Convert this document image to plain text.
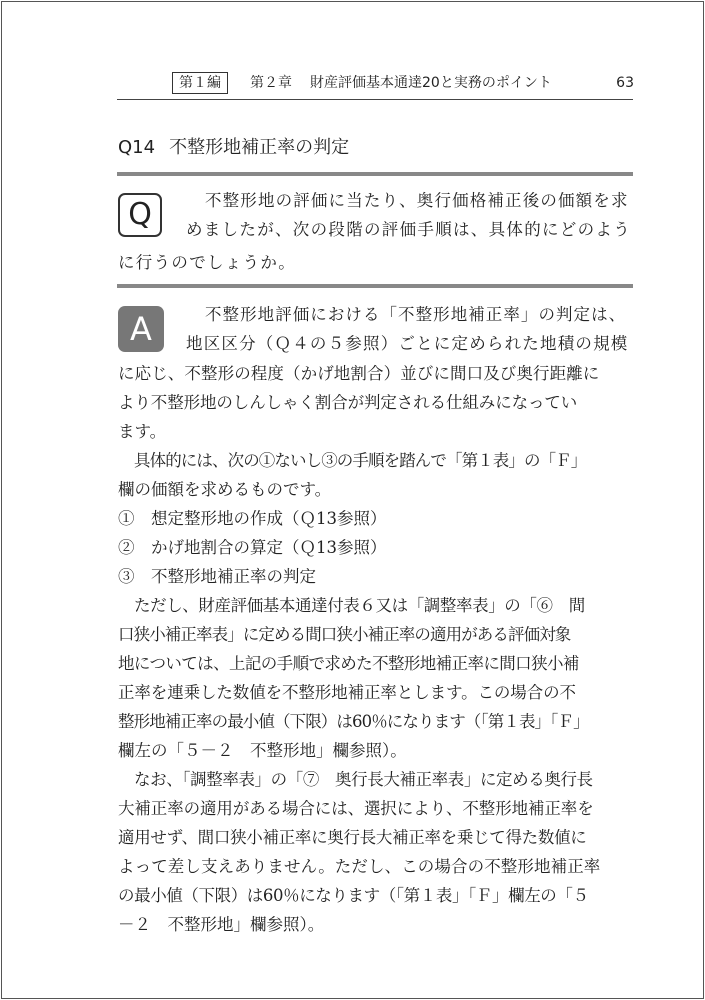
第１編	第２章 財産評価基本通達20と実務のポイント	63
Q14 不整形地補正率の判定
Q	不整形地の評価に当たり、奥行価格補正後の価額を求
めましたが、次の段階の評価手順は、具体的にどのよう
に行うのでしょうか。
A	不整形地評価における「不整形地補正率」の判定は、
地区区分（Ｑ４の５参照）ごとに定められた地積の規模
に応じ、不整形の程度（かげ地割合）並びに間口及び奥行距離に
より不整形地のしんしゃく割合が判定される仕組みになってい
ます。
具体的には、次の①ないし③の手順を踏んで「第１表」の「Ｆ」
欄の価額を求めるものです。
①　想定整形地の作成（Ｑ13参照）
②　かげ地割合の算定（Ｑ13参照）
③　不整形地補正率の判定
ただし、財産評価基本通達付表６又は「調整率表」の「⑥　間
口狭小補正率表」に定める間口狭小補正率の適用がある評価対象
地については、上記の手順で求めた不整形地補正率に間口狭小補
正率を連乗した数値を不整形地補正率とします。この場合の不
整形地補正率の最小値（下限）は60％になります（「第１表」「Ｆ」
欄左の「５－２　不整形地」欄参照）。
なお、「調整率表」の「⑦　奥行長大補正率表」に定める奥行長
大補正率の適用がある場合には、選択により、不整形地補正率を
適用せず、間口狭小補正率に奥行長大補正率を乗じて得た数値に
よって差し支えありません。ただし、この場合の不整形地補正率
の最小値（下限）は60％になります（「第１表」「Ｆ」欄左の「５
－２　不整形地」欄参照）。
